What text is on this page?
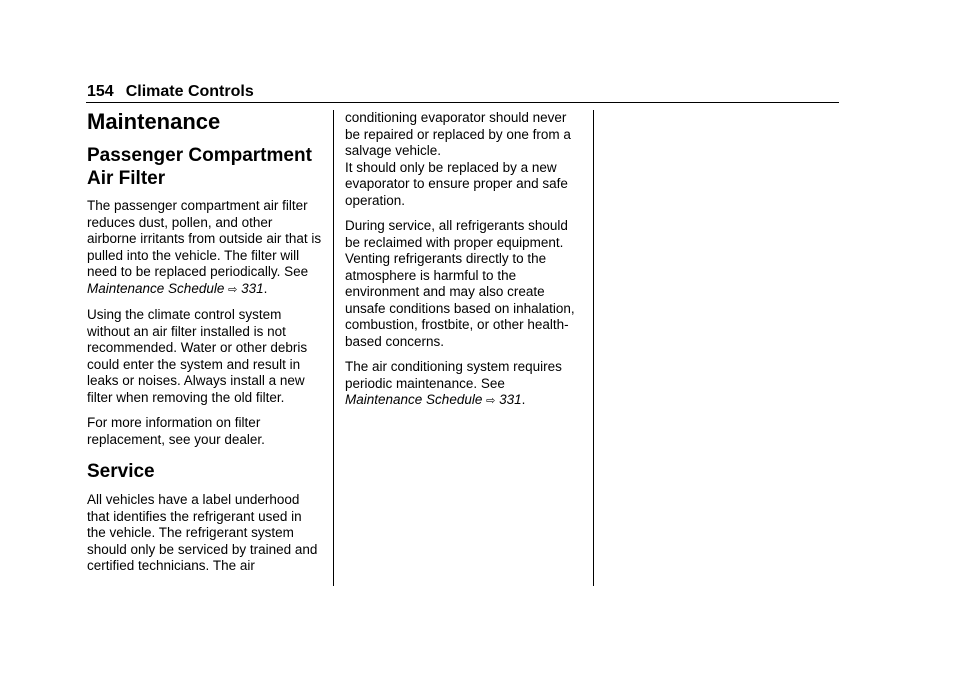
154 Climate Controls
Maintenance
Passenger Compartment Air Filter

The passenger compartment air filter reduces dust, pollen, and other airborne irritants from outside air that is pulled into the vehicle. The filter will need to be replaced periodically. See Maintenance Schedule ⇨ 331.

Using the climate control system without an air filter installed is not recommended. Water or other debris could enter the system and result in leaks or noises. Always install a new filter when removing the old filter.

For more information on filter replacement, see your dealer.

Service

All vehicles have a label underhood that identifies the refrigerant used in the vehicle. The refrigerant system should only be serviced by trained and certified technicians. The air

conditioning evaporator should never be repaired or replaced by one from a salvage vehicle.

It should only be replaced by a new evaporator to ensure proper and safe operation.

During service, all refrigerants should be reclaimed with proper equipment. Venting refrigerants directly to the atmosphere is harmful to the environment and may also create unsafe conditions based on inhalation, combustion, frostbite, or other health-based concerns.

The air conditioning system requires periodic maintenance. See Maintenance Schedule ⇨ 331.
